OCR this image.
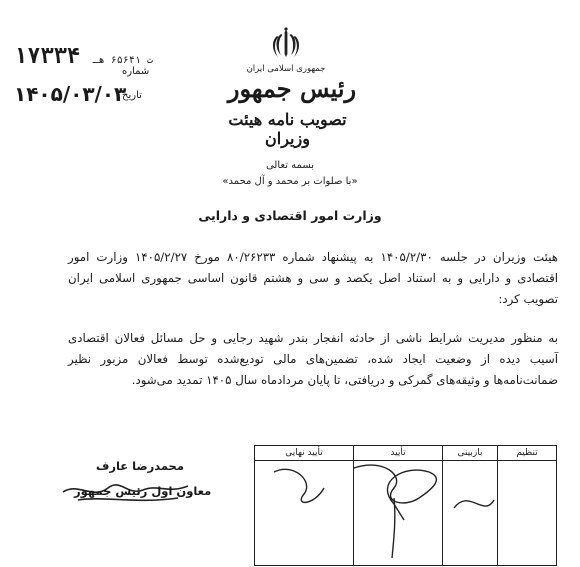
جمهوری اسلامی ایران
رئیس جمهور
تصویب نامه هیئت وزیران
۱۷۳۳۴ ت ۶۵۶۴۱ هـ
شماره
۱۴۰۵/۰۳/۰۳
تاریخ
بسمه تعالی
«با صلوات بر محمد و آل محمد»
وزارت امور اقتصادی و دارایی
هیئت وزیران در جلسه ۱۴۰۵/۲/۳۰ به پیشنهاد شماره ۸۰/۲۶۲۳۳ مورخ ۱۴۰۵/۲/۲۷ وزارت امور اقتصادی و دارایی و به استناد اصل یکصد و سی و هشتم قانون اساسی جمهوری اسلامی ایران تصویب کرد:
به منظور مدیریت شرایط ناشی از حادثه انفجار بندر شهید رجایی و حل مسائل فعالان اقتصادی آسیب دیده از وضعیت ایجاد شده، تضمین‌های مالی تودیع‌شده توسط فعالان مزبور نظیر ضمانت‌نامه‌ها و وثیقه‌های گمرکی و دریافتی، تا پایان مردادماه سال ۱۴۰۵ تمدید می‌شود.
محمدرضا عارف
معاون اول رئیس جمهور
تأیید نهایی	تأیید	بازبینی	تنظیم
